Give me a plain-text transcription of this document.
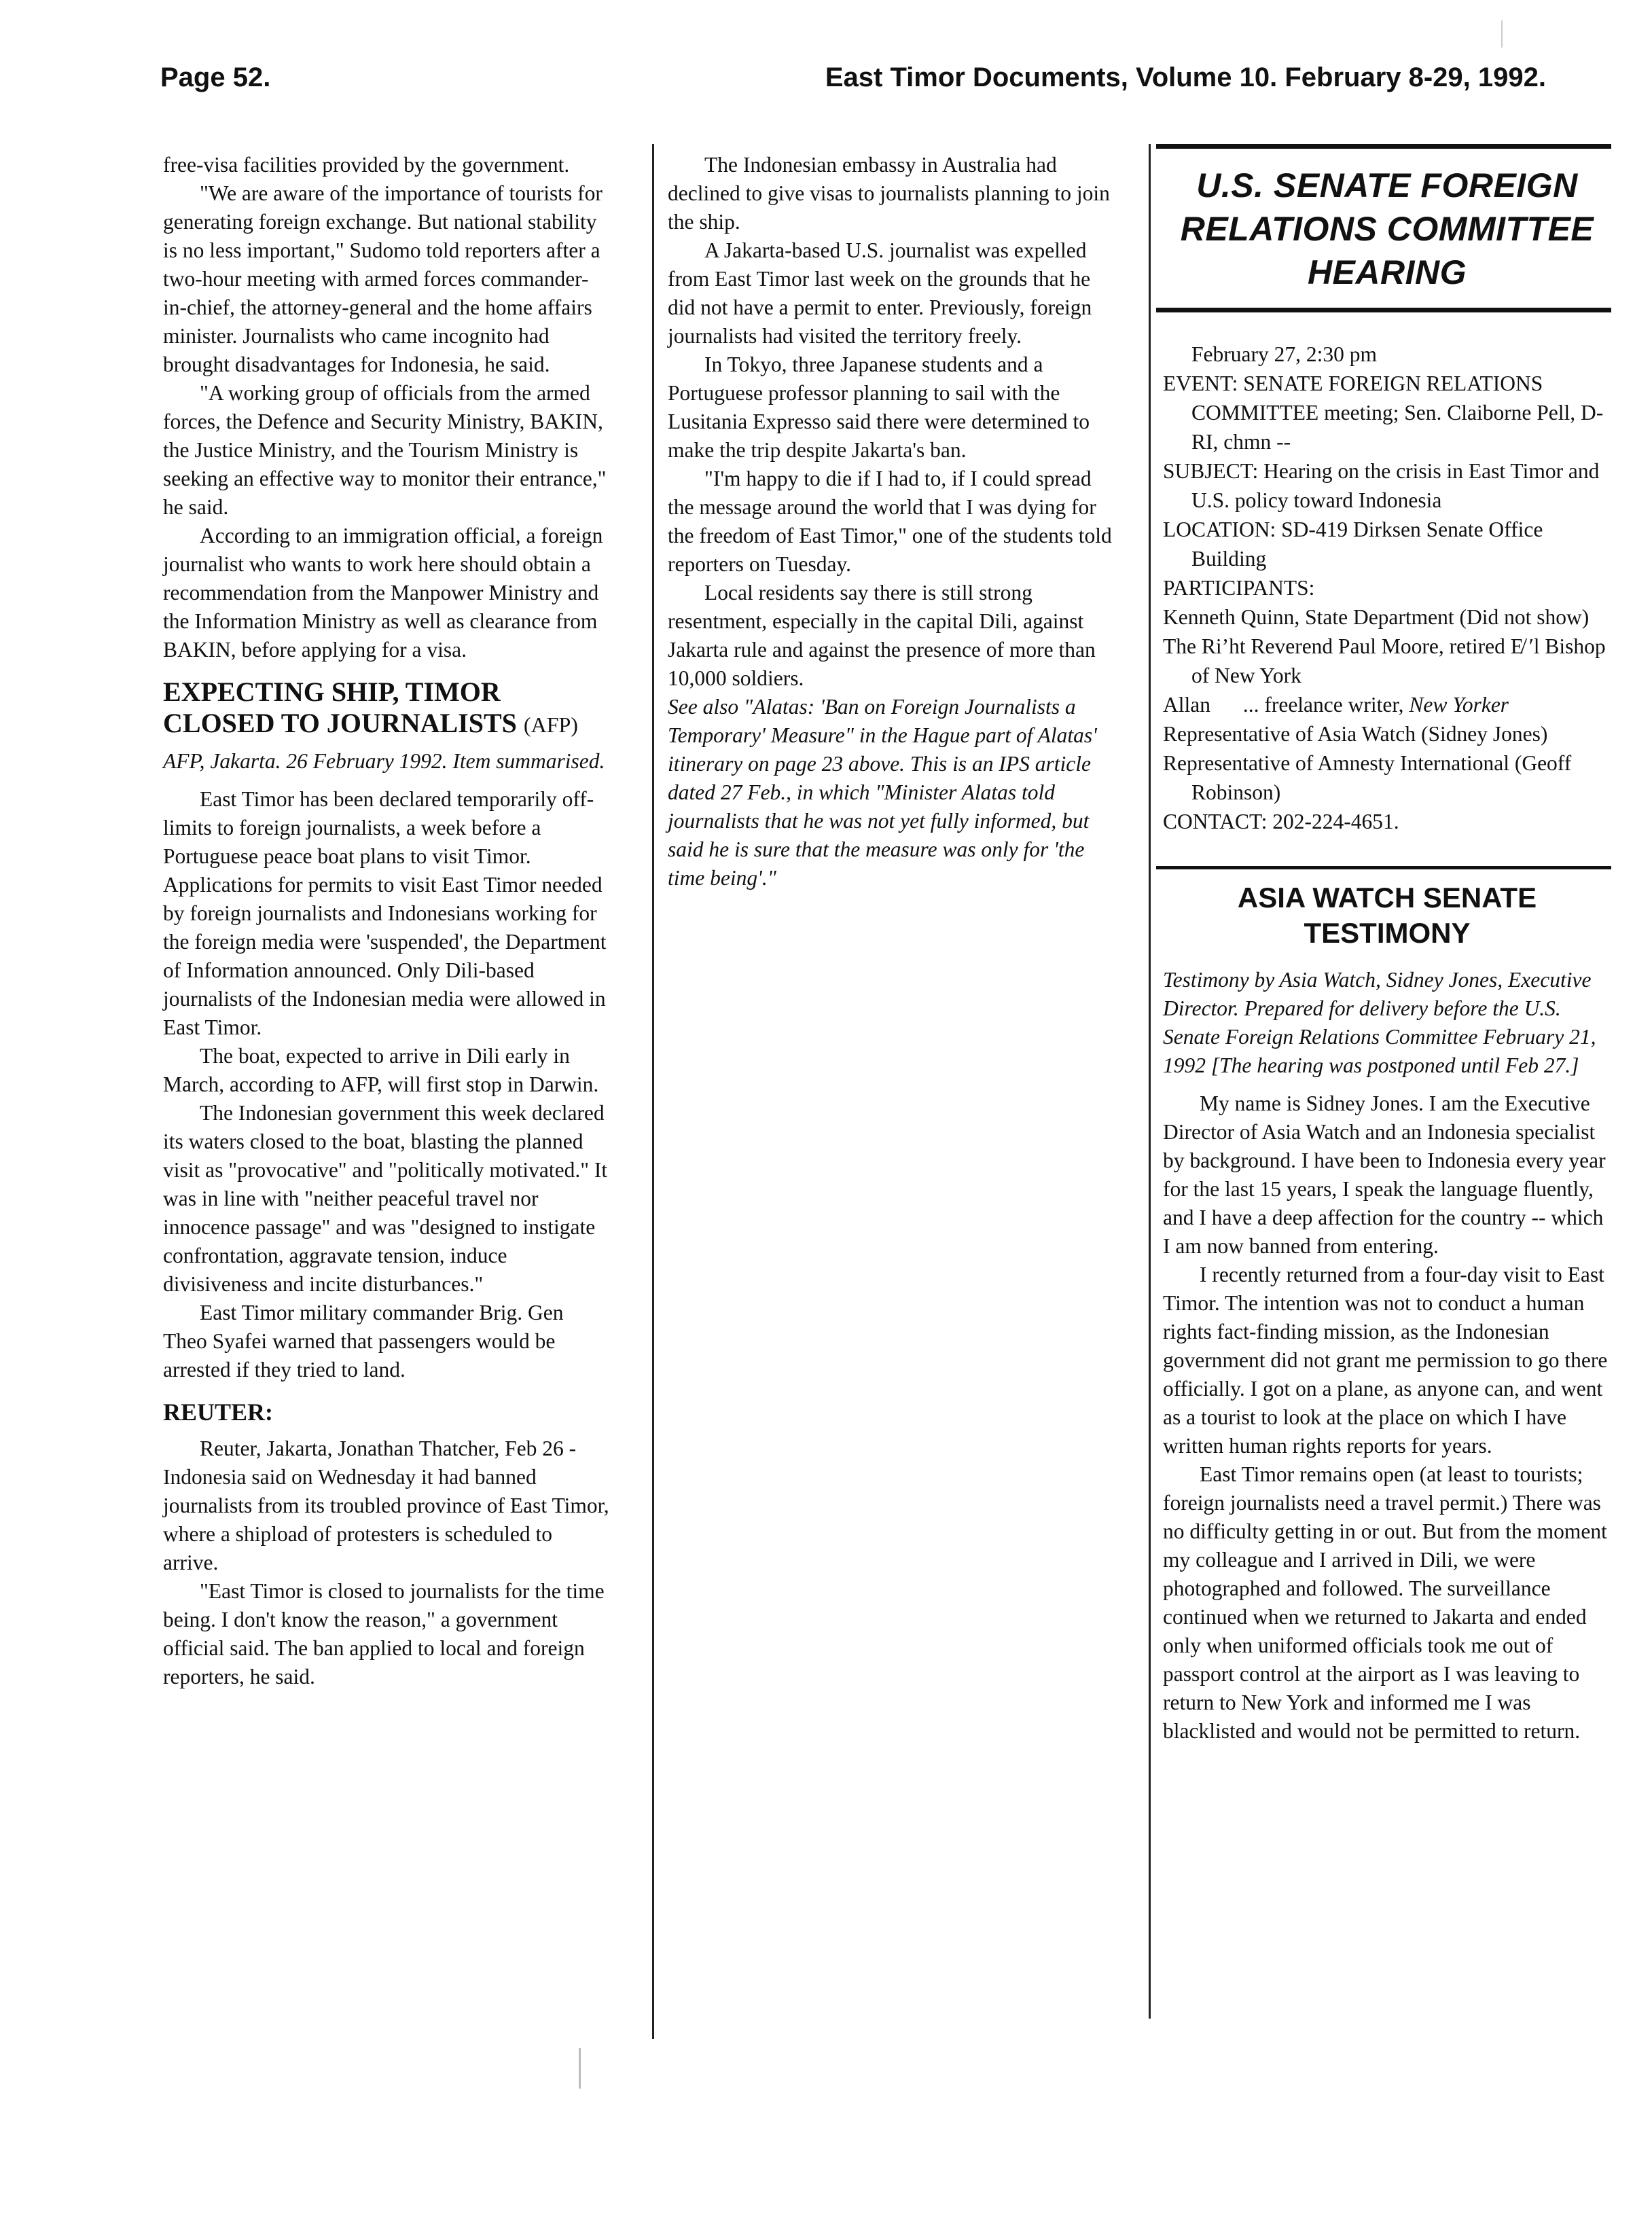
Page 52.	East Timor Documents, Volume 10. February 8-29, 1992.

free-visa facilities provided by the government.

"We are aware of the importance of tourists for generating foreign exchange. But national stability is no less important," Sudomo told reporters after a two-hour meeting with armed forces commander-in-chief, the attorney-general and the home affairs minister. Journalists who came incognito had brought disadvantages for Indonesia, he said.

"A working group of officials from the armed forces, the Defence and Security Ministry, BAKIN, the Justice Ministry, and the Tourism Ministry is seeking an effective way to monitor their entrance," he said.

According to an immigration official, a foreign journalist who wants to work here should obtain a recommendation from the Manpower Ministry and the Information Ministry as well as clearance from BAKIN, before applying for a visa.

EXPECTING SHIP, TIMOR CLOSED TO JOURNALISTS (AFP)

AFP, Jakarta. 26 February 1992. Item summarised.

East Timor has been declared temporarily off-limits to foreign journalists, a week before a Portuguese peace boat plans to visit Timor. Applications for permits to visit East Timor needed by foreign journalists and Indonesians working for the foreign media were 'suspended', the Department of Information announced. Only Dili-based journalists of the Indonesian media were allowed in East Timor.

The boat, expected to arrive in Dili early in March, according to AFP, will first stop in Darwin.

The Indonesian government this week declared its waters closed to the boat, blasting the planned visit as "provocative" and "politically motivated." It was in line with "neither peaceful travel nor innocence passage" and was "designed to instigate confrontation, aggravate tension, induce divisiveness and incite disturbances."

East Timor military commander Brig. Gen Theo Syafei warned that passengers would be arrested if they tried to land.

REUTER:

Reuter, Jakarta, Jonathan Thatcher, Feb 26 - Indonesia said on Wednesday it had banned journalists from its troubled province of East Timor, where a shipload of protesters is scheduled to arrive.

"East Timor is closed to journalists for the time being. I don't know the reason," a government official said. The ban applied to local and foreign reporters, he said.

The Indonesian embassy in Australia had declined to give visas to journalists planning to join the ship.

A Jakarta-based U.S. journalist was expelled from East Timor last week on the grounds that he did not have a permit to enter. Previously, foreign journalists had visited the territory freely.

In Tokyo, three Japanese students and a Portuguese professor planning to sail with the Lusitania Expresso said there were determined to make the trip despite Jakarta's ban.

"I'm happy to die if I had to, if I could spread the message around the world that I was dying for the freedom of East Timor," one of the students told reporters on Tuesday.

Local residents say there is still strong resentment, especially in the capital Dili, against Jakarta rule and against the presence of more than 10,000 soldiers.

See also "Alatas: 'Ban on Foreign Journalists a Temporary' Measure" in the Hague part of Alatas' itinerary on page 23 above. This is an IPS article dated 27 Feb., in which "Minister Alatas told journalists that he was not yet fully informed, but said he is sure that the measure was only for 'the time being'."

U.S. SENATE FOREIGN RELATIONS COMMITTEE HEARING

February 27, 2:30 pm

EVENT: SENATE FOREIGN RELATIONS COMMITTEE meeting; Sen. Claiborne Pell, D-RI, chmn --

SUBJECT: Hearing on the crisis in East Timor and U.S. policy toward Indonesia

LOCATION: SD-419 Dirksen Senate Office Building

PARTICIPANTS:

Kenneth Quinn, State Department (Did not show)

The Ri’ht Reverend Paul Moore, retired E̸ ′l Bishop of New York

Allan ... freelance writer, New Yorker

Representative of Asia Watch (Sidney Jones)

Representative of Amnesty International (Geoff Robinson)

CONTACT: 202-224-4651.

ASIA WATCH SENATE TESTIMONY

Testimony by Asia Watch, Sidney Jones, Executive Director. Prepared for delivery before the U.S. Senate Foreign Relations Committee February 21, 1992 [The hearing was postponed until Feb 27.]

My name is Sidney Jones. I am the Executive Director of Asia Watch and an Indonesia specialist by background. I have been to Indonesia every year for the last 15 years, I speak the language fluently, and I have a deep affection for the country -- which I am now banned from entering.

I recently returned from a four-day visit to East Timor. The intention was not to conduct a human rights fact-finding mission, as the Indonesian government did not grant me permission to go there officially. I got on a plane, as anyone can, and went as a tourist to look at the place on which I have written human rights reports for years.

East Timor remains open (at least to tourists; foreign journalists need a travel permit.) There was no difficulty getting in or out. But from the moment my colleague and I arrived in Dili, we were photographed and followed. The surveillance continued when we returned to Jakarta and ended only when uniformed officials took me out of passport control at the airport as I was leaving to return to New York and informed me I was blacklisted and would not be permitted to return.
